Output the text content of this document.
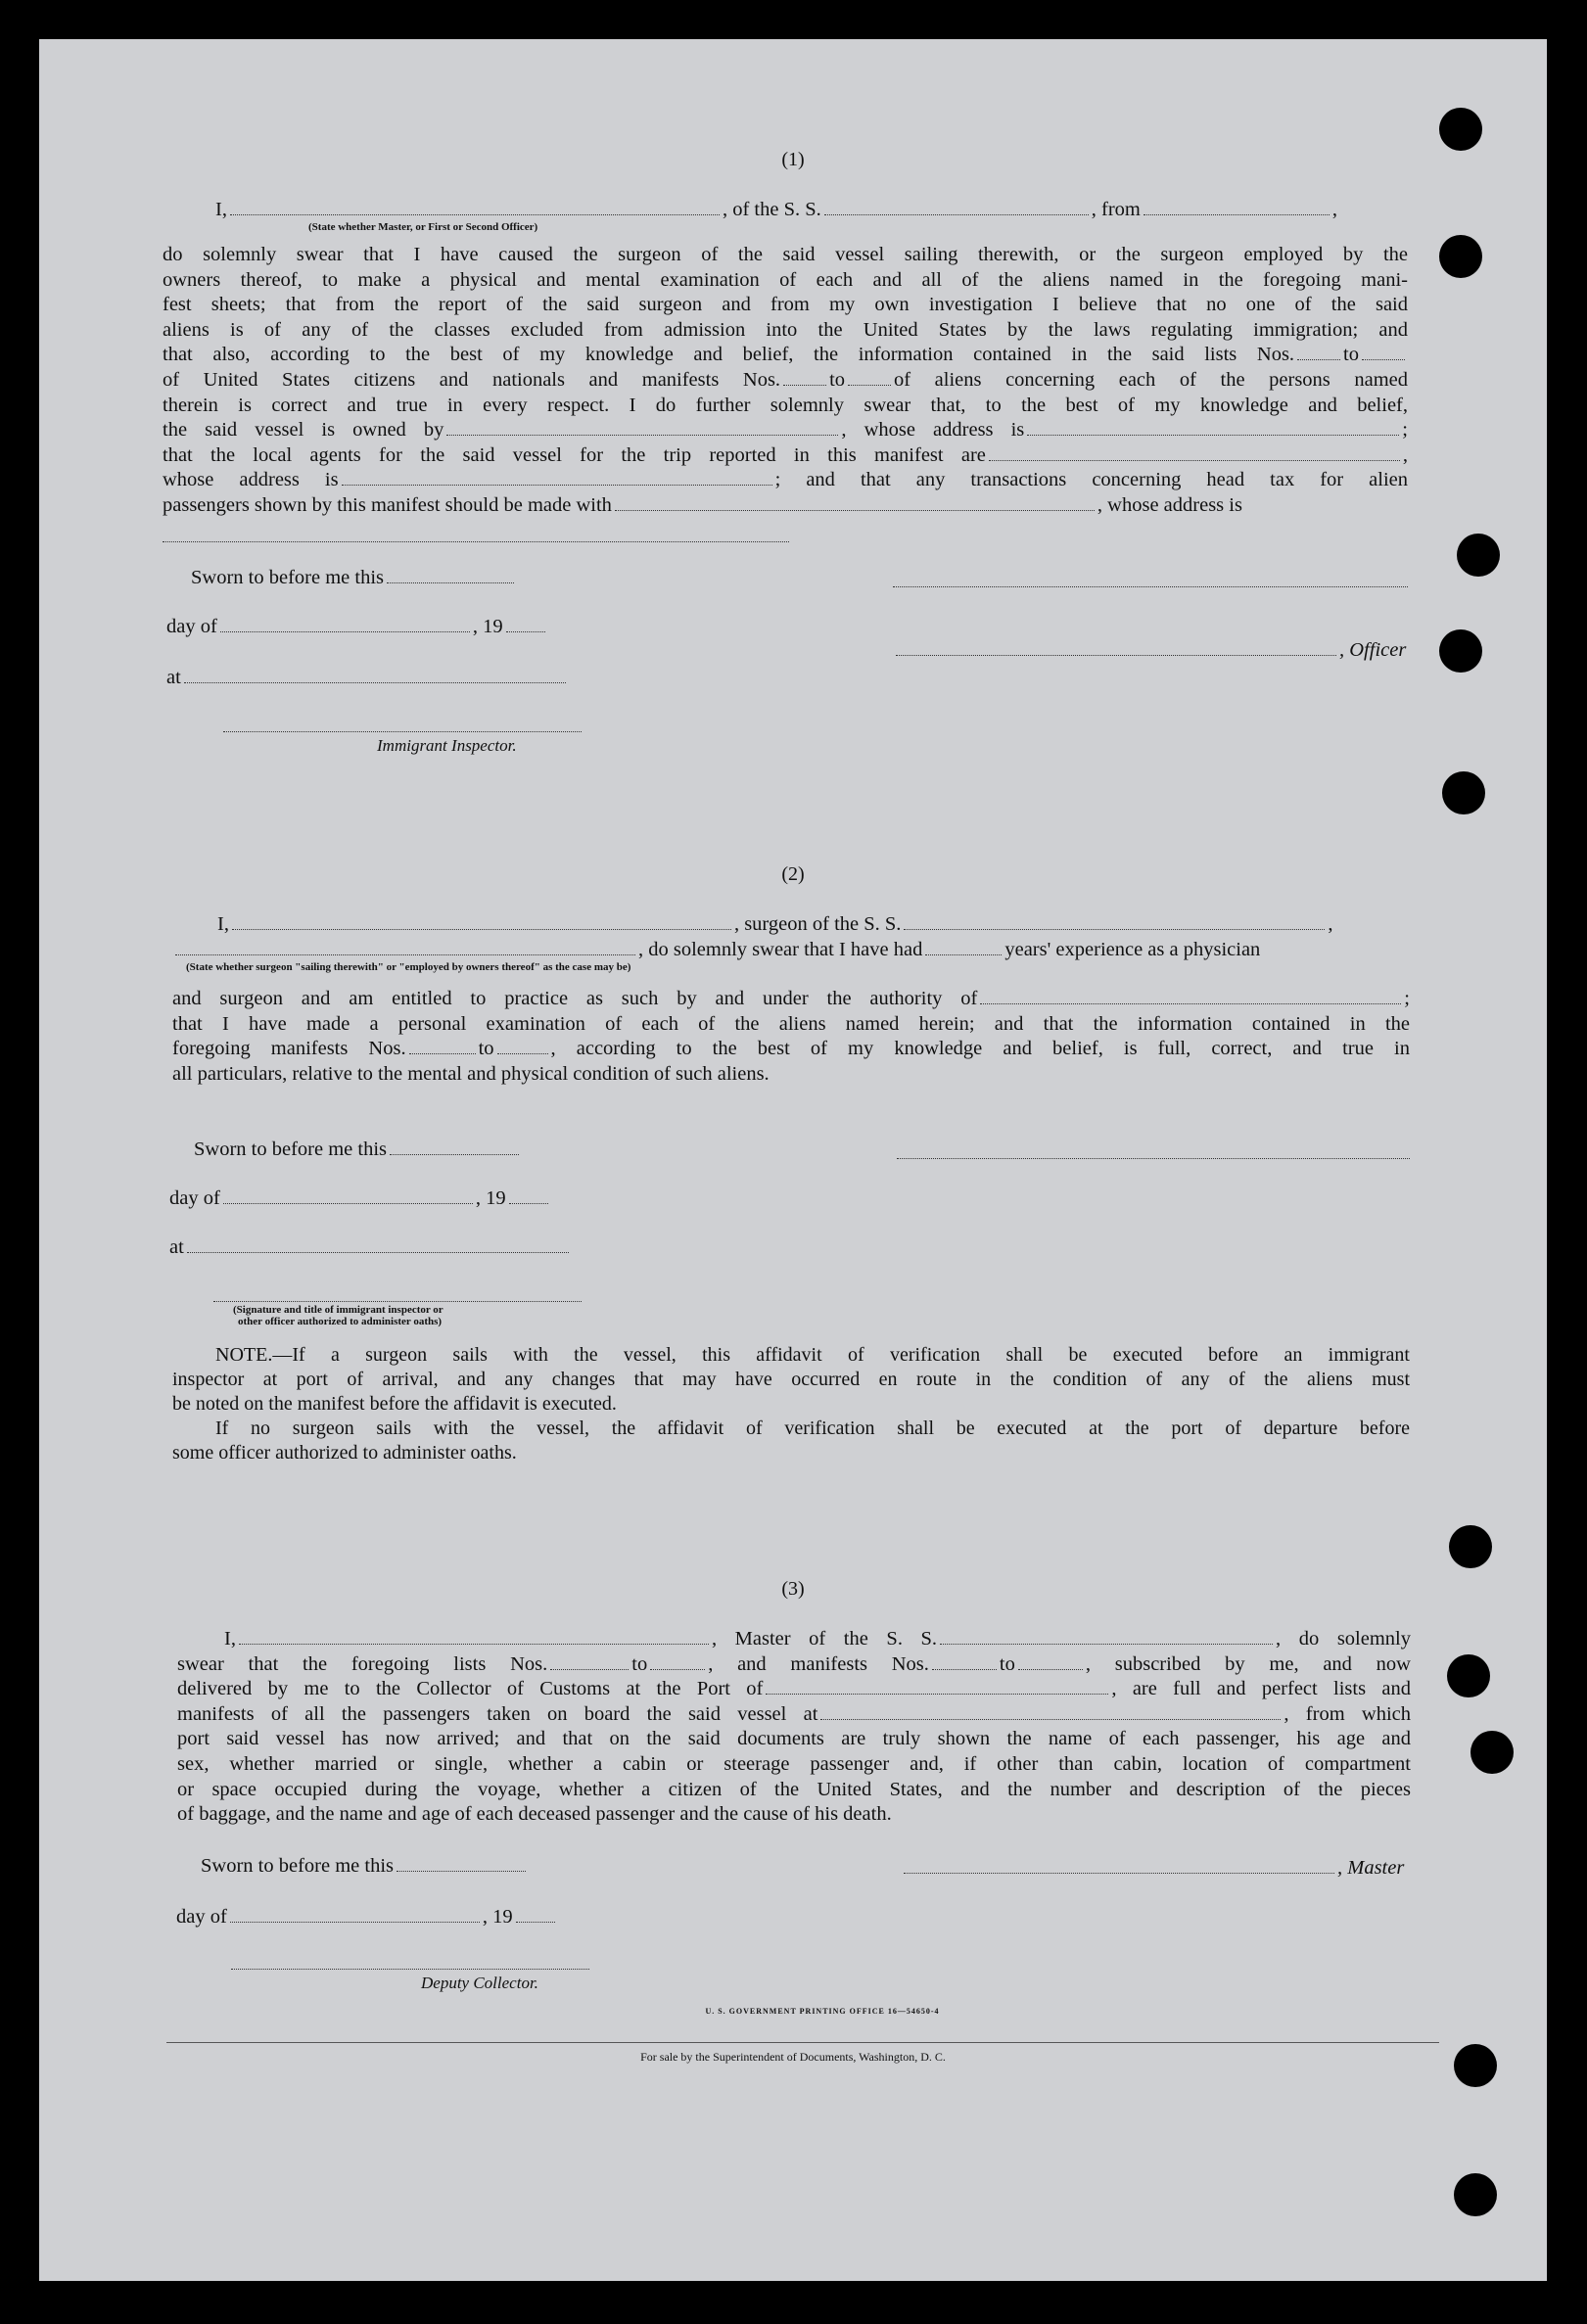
(1)
I,	, of the S. S.	, from	,
(State whether Master, or First or Second Officer)
do solemnly swear that I have caused the surgeon of the said vessel sailing therewith, or the surgeon employed by the
owners thereof, to make a physical and mental examination of each and all of the aliens named in the foregoing mani-
fest sheets; that from the report of the said surgeon and from my own investigation I believe that no one of the said
aliens is of any of the classes excluded from admission into the United States by the laws regulating immigration; and
that also, according to the best of my knowledge and belief, the information contained in the said lists Nos. to
of United States citizens and nationals and manifests Nos. to of aliens concerning each of the persons named
therein is correct and true in every respect. I do further solemnly swear that, to the best of my knowledge and belief,
the said vessel is owned by	, whose address is	;
that the local agents for the said vessel for the trip reported in this manifest are	,
whose address is	; and that any transactions concerning head tax for alien
passengers shown by this manifest should be made with	, whose address is
Sworn to before me this
day of	, 19
at
Immigrant Inspector.
, Officer
(2)
I,	, surgeon of the S. S.	,
, do solemnly swear that I have had	years' experience as a physician
(State whether surgeon "sailing therewith" or "employed by owners thereof" as the case may be)
and surgeon and am entitled to practice as such by and under the authority of	;
that I have made a personal examination of each of the aliens named herein; and that the information contained in the
foregoing manifests Nos.	to	, according to the best of my knowledge and belief, is full, correct, and true in
all particulars, relative to the mental and physical condition of such aliens.
Sworn to before me this
day of	, 19
at
(Signature and title of immigrant inspector or
other officer authorized to administer oaths)
NOTE.—If a surgeon sails with the vessel, this affidavit of verification shall be executed before an immigrant
inspector at port of arrival, and any changes that may have occurred en route in the condition of any of the aliens must
be noted on the manifest before the affidavit is executed.
If no surgeon sails with the vessel, the affidavit of verification shall be executed at the port of departure before
some officer authorized to administer oaths.
(3)
I,	, Master of the S. S.	, do solemnly
swear that the foregoing lists Nos.	to	, and manifests Nos.	to	, subscribed by me, and now
delivered by me to the Collector of Customs at the Port of	, are full and perfect lists and
manifests of all the passengers taken on board the said vessel at	, from which
port said vessel has now arrived; and that on the said documents are truly shown the name of each passenger, his age and
sex, whether married or single, whether a cabin or steerage passenger and, if other than cabin, location of compartment
or space occupied during the voyage, whether a citizen of the United States, and the number and description of the pieces
of baggage, and the name and age of each deceased passenger and the cause of his death.
Sworn to before me this	, Master
day of	, 19
Deputy Collector.
U. S. GOVERNMENT PRINTING OFFICE 16—54650-4
For sale by the Superintendent of Documents, Washington, D. C.
